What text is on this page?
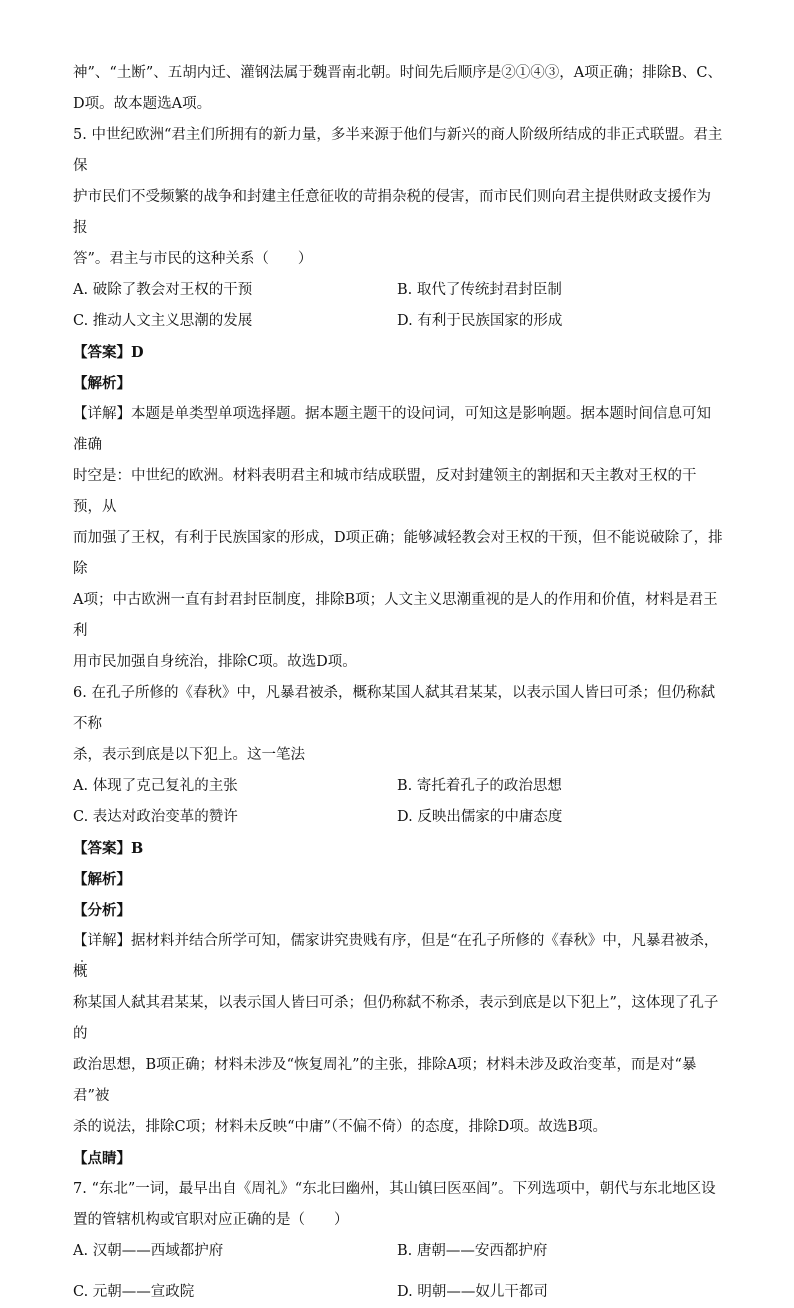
神”、“土断”、五胡内迁、灌钢法属于魏晋南北朝。时间先后顺序是②①④③，A项正确；排除B、C、

D项。故本题选A项。

5. 中世纪欧洲“君主们所拥有的新力量，多半来源于他们与新兴的商人阶级所结成的非正式联盟。君主保

护市民们不受频繁的战争和封建主任意征收的苛捐杂税的侵害，而市民们则向君主提供财政支援作为报

答”。君主与市民的这种关系（　　）

A. 破除了教会对王权的干预	B. 取代了传统封君封臣制
C. 推动人文主义思潮的发展	D. 有利于民族国家的形成

【答案】D

【解析】

【详解】本题是单类型单项选择题。据本题主题干的设问词，可知这是影响题。据本题时间信息可知准确

时空是：中世纪的欧洲。材料表明君主和城市结成联盟，反对封建领主的割据和天主教对王权的干预，从

而加强了王权，有利于民族国家的形成，D项正确；能够减轻教会对王权的干预，但不能说破除了，排除

A项；中古欧洲一直有封君封臣制度，排除B项；人文主义思潮重视的是人的作用和价值，材料是君王利

用市民加强自身统治，排除C项。故选D项。

6. 在孔子所修的《春秋》中，凡暴君被杀，概称某国人弑其君某某，以表示国人皆曰可杀；但仍称弑不称

杀，表示到底是以下犯上。这一笔法

A. 体现了克己复礼的主张	B. 寄托着孔子的政治思想
C. 表达对政治变革的赞许	D. 反映出儒家的中庸态度

【答案】B

【解析】

【分析】

【详解】据材料并结合所学可知，儒家讲究贵贱有序，但是“在孔子所修的《春秋》中，凡暴君被杀，概

称某国人弑其君某某，以表示国人皆曰可杀；但仍称弑不称杀，表示到底是以下犯上”，这体现了孔子的

政治思想，B项正确；材料未涉及“恢复周礼”的主张，排除A项；材料未涉及政治变革，而是对“暴君”被

杀的说法，排除C项；材料未反映“中庸”（不偏不倚）的态度，排除D项。故选B项。

【点睛】

7. “东北”一词，最早出自《周礼》“东北曰幽州，其山镇曰医巫闾”。下列选项中，朝代与东北地区设

置的管辖机构或官职对应正确的是（　　）

A. 汉朝——西域都护府	B. 唐朝——安西都护府
C. 元朝——宣政院	D. 明朝——奴儿干都司
